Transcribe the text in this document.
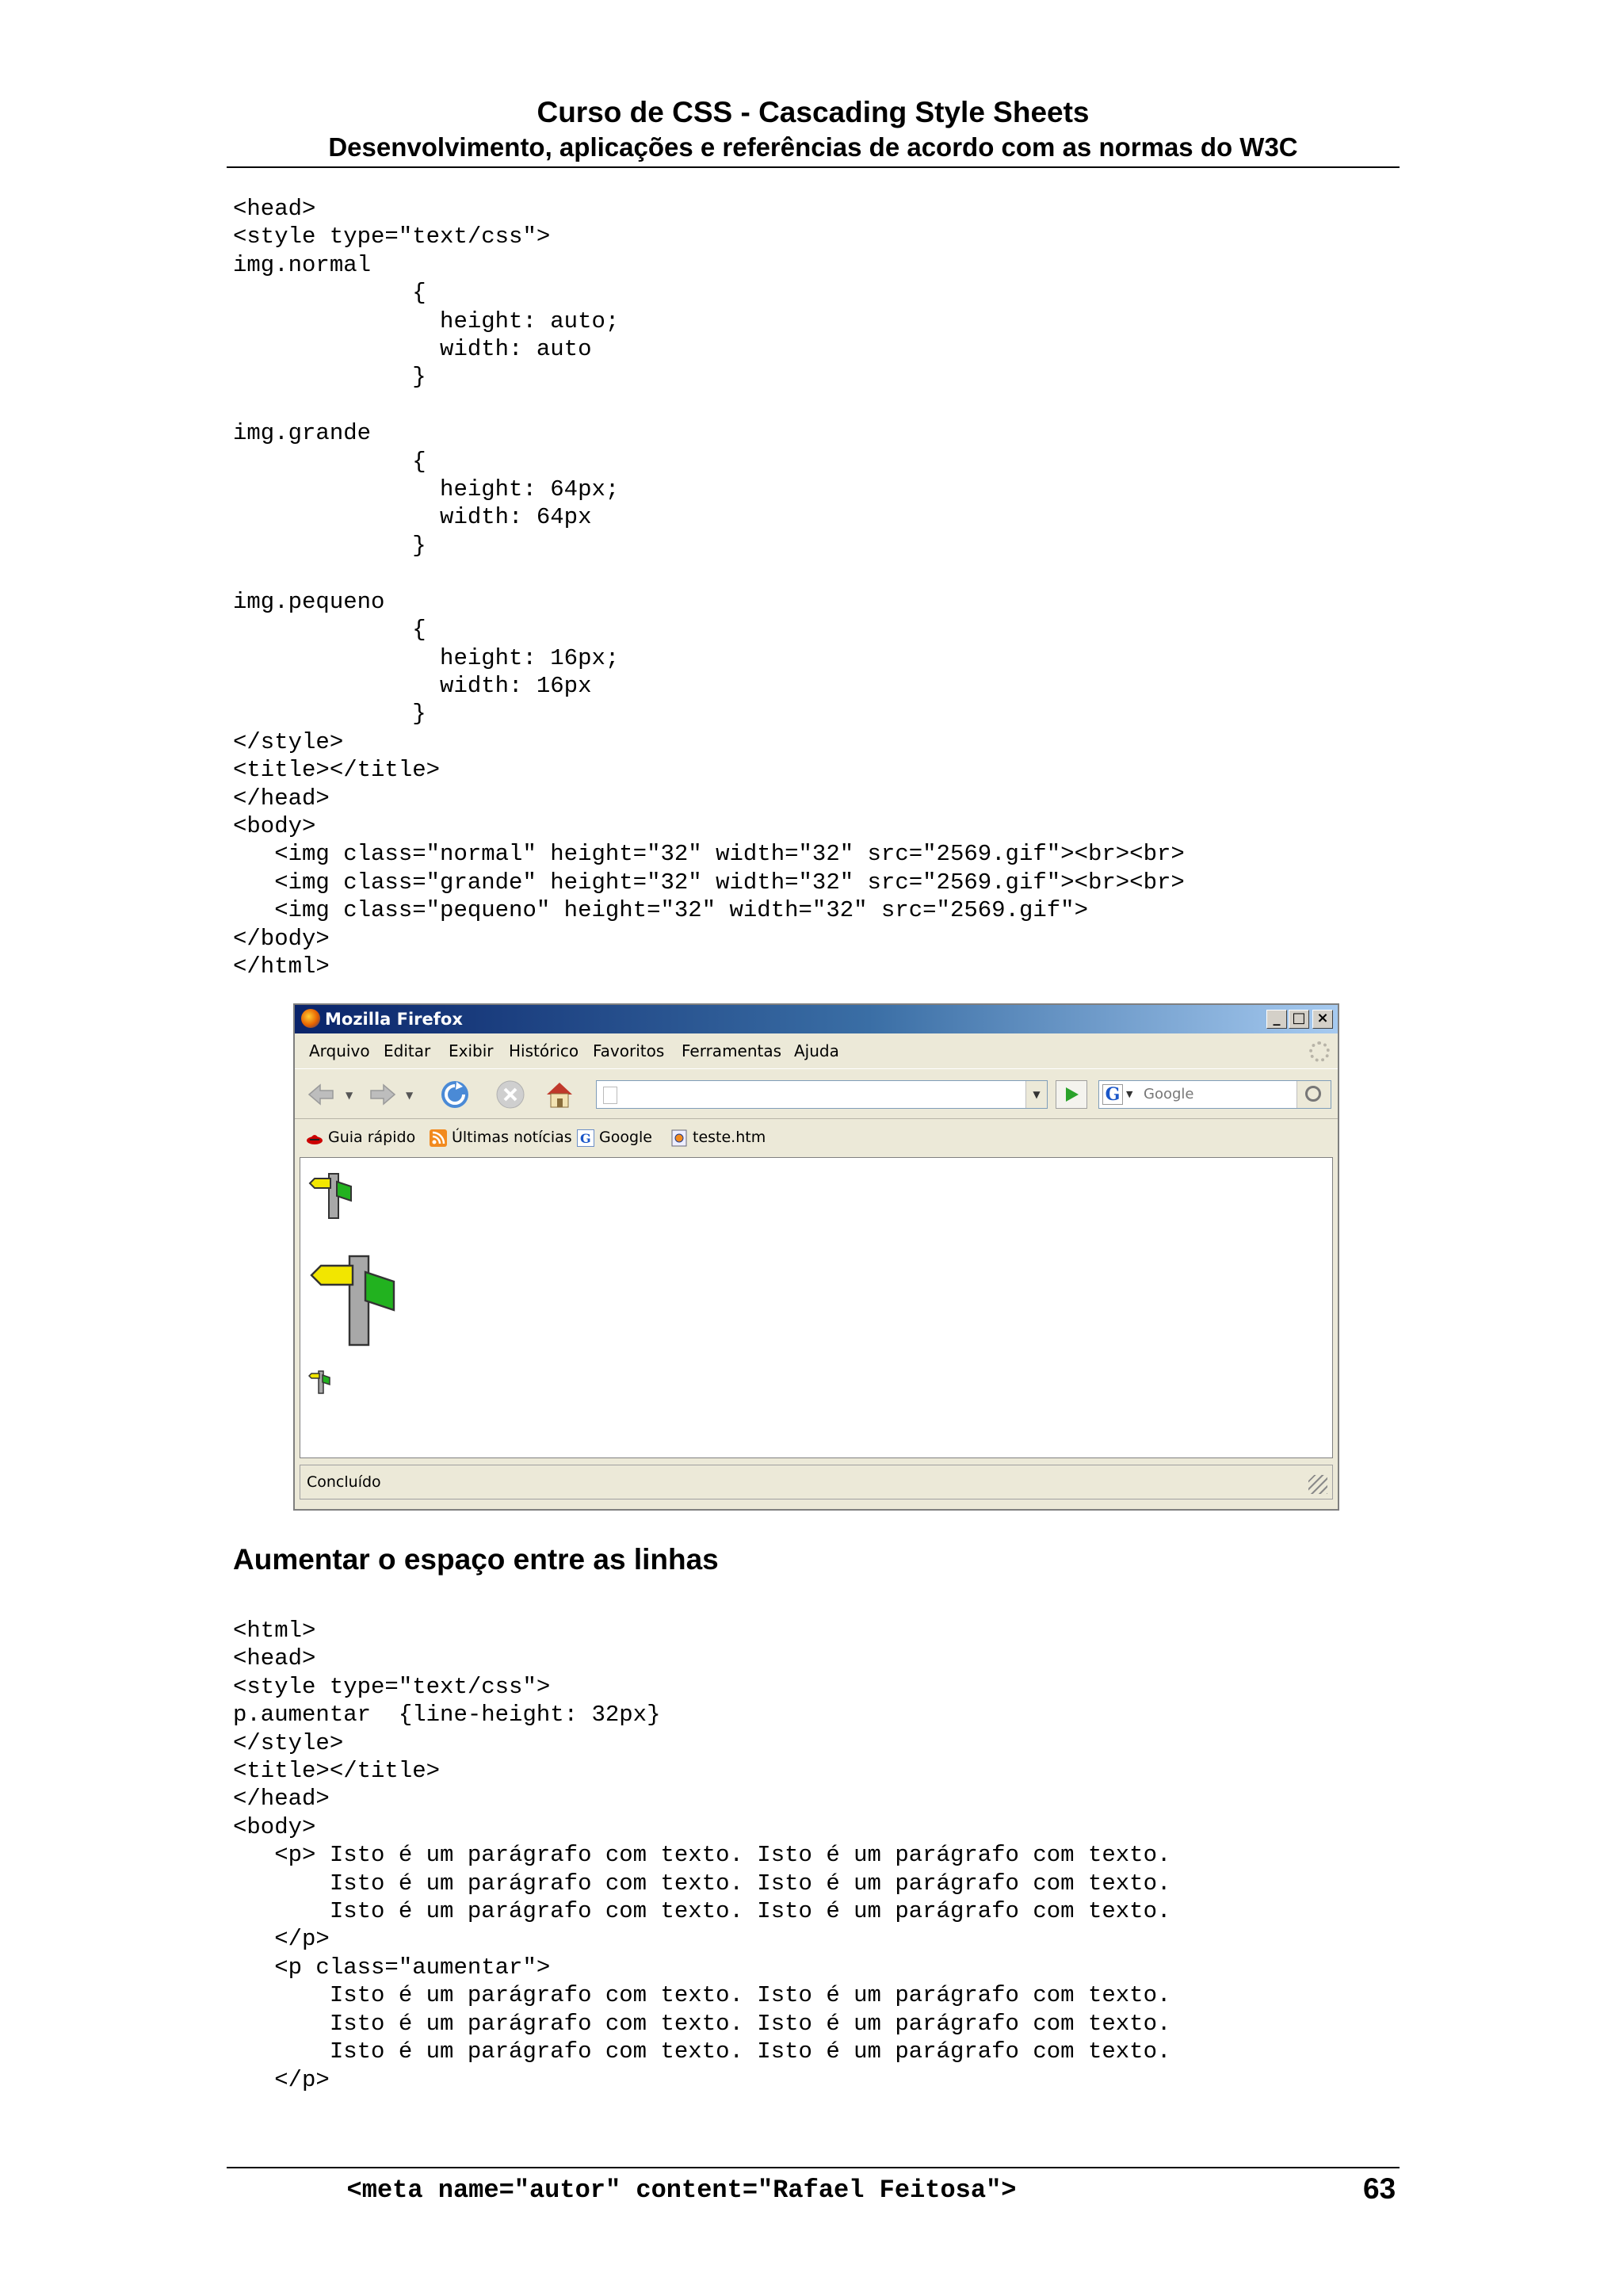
Curso de CSS - Cascading Style Sheets
Desenvolvimento, aplicações e referências de acordo com as normas do W3C
<head>
<style type="text/css">
img.normal
{
height: auto;
width: auto
}

img.grande
{
height: 64px;
width: 64px
}

img.pequeno
{
height: 16px;
width: 16px
}
</style>
<title></title>
</head>
<body>
<img class="normal" height="32" width="32" src="2569.gif"><br><br>
<img class="grande" height="32" width="32" src="2569.gif"><br><br>
<img class="pequeno" height="32" width="32" src="2569.gif">
</body>
</html>
Mozilla Firefox	_ □ ×
Arquivo Editar Exibir Histórico Favoritos Ferramentas Ajuda
▼	▼	▼	G ▼ Google
Guia rápido Últimas notícias G Google	teste.htm
Concluído
Aumentar o espaço entre as linhas
<html>
<head>
<style type="text/css">
p.aumentar  {line-height: 32px}
</style>
<title></title>
</head>
<body>
<p> Isto é um parágrafo com texto. Isto é um parágrafo com texto.
Isto é um parágrafo com texto. Isto é um parágrafo com texto.
Isto é um parágrafo com texto. Isto é um parágrafo com texto.
</p>
<p class="aumentar">
Isto é um parágrafo com texto. Isto é um parágrafo com texto.
Isto é um parágrafo com texto. Isto é um parágrafo com texto.
Isto é um parágrafo com texto. Isto é um parágrafo com texto.
</p>
<meta name="autor" content="Rafael Feitosa">	63
